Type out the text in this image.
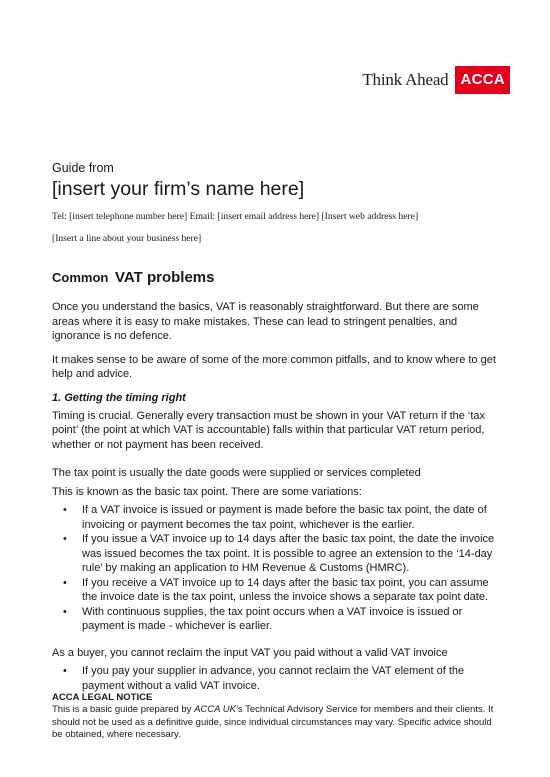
Think Ahead ACCA

Guide from

[insert your firm’s name here]

Tel: [insert telephone number here] Email: [insert email address here] [Insert web address here]

[Insert a line about your business here]

Common VAT problems

Once you understand the basics, VAT is reasonably straightforward. But there are some areas where it is easy to make mistakes. These can lead to stringent penalties, and ignorance is no defence.

It makes sense to be aware of some of the more common pitfalls, and to know where to get help and advice.

1. Getting the timing right

Timing is crucial. Generally every transaction must be shown in your VAT return if the ‘tax point’ (the point at which VAT is accountable) falls within that particular VAT return period, whether or not payment has been received.

The tax point is usually the date goods were supplied or services completed

This is known as the basic tax point. There are some variations:

• If a VAT invoice is issued or payment is made before the basic tax point, the date of invoicing or payment becomes the tax point, whichever is the earlier.
• If you issue a VAT invoice up to 14 days after the basic tax point, the date the invoice was issued becomes the tax point. It is possible to agree an extension to the ‘14-day rule’ by making an application to HM Revenue & Customs (HMRC).
• If you receive a VAT invoice up to 14 days after the basic tax point, you can assume the invoice date is the tax point, unless the invoice shows a separate tax point date.
• With continuous supplies, the tax point occurs when a VAT invoice is issued or payment is made - whichever is earlier.

As a buyer, you cannot reclaim the input VAT you paid without a valid VAT invoice

• If you pay your supplier in advance, you cannot reclaim the VAT element of the payment without a valid VAT invoice.

ACCA LEGAL NOTICE

This is a basic guide prepared by ACCA UK’s Technical Advisory Service for members and their clients. It should not be used as a definitive guide, since individual circumstances may vary. Specific advice should be obtained, where necessary.
